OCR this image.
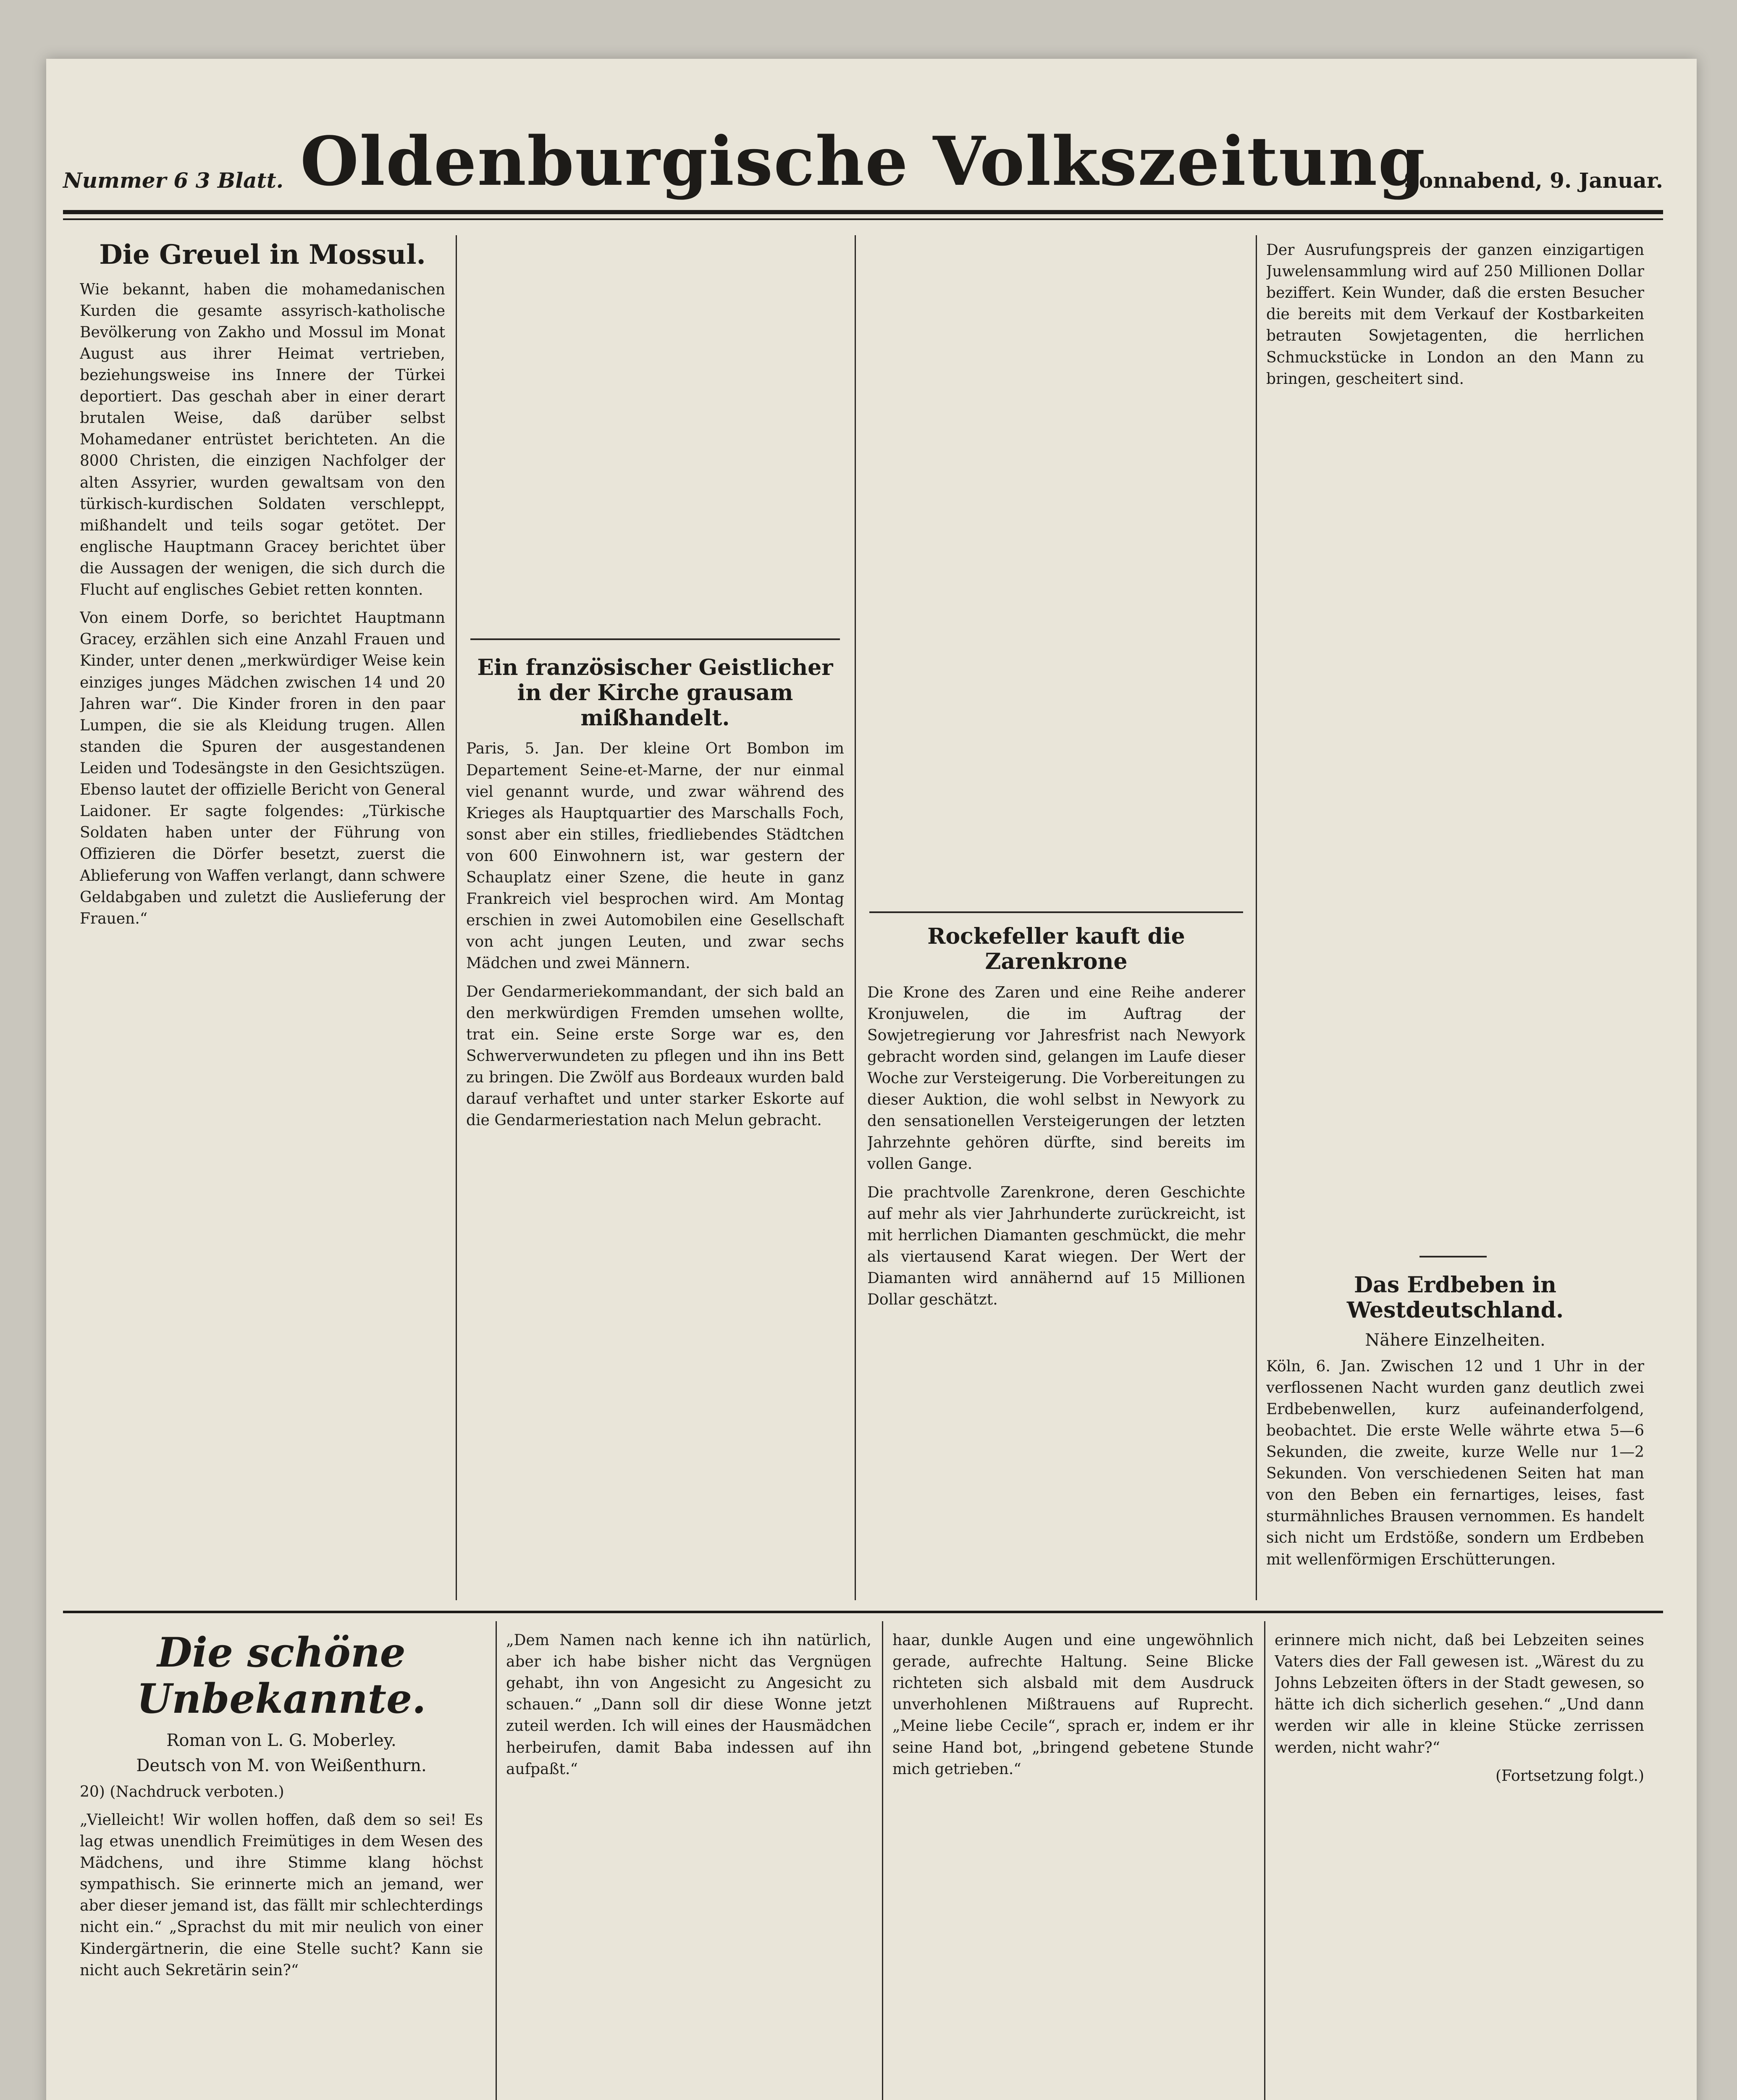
Nummer 6 3 Blatt. Oldenburgische Volkszeitung
Sonnabend, 9. Januar.
Die Greuel in Mossul.

Wie bekannt, haben die mohamedanischen Kurden die gesamte assyrisch-katholische Bevölkerung von Zakho und Mossul im Monat August aus ihrer Heimat vertrieben, beziehungsweise ins Innere der Türkei deportiert. Das geschah aber in einer derart brutalen Weise, daß darüber selbst Mohamedaner entrüstet berichteten. An die 8000 Christen, die einzigen Nachfolger der alten Assyrier, wurden gewaltsam von den türkisch-kurdischen Soldaten verschleppt, mißhandelt und teils sogar getötet. Der englische Hauptmann Gracey berichtet über die Aussagen der wenigen, die sich durch die Flucht auf englisches Gebiet retten konnten.

Von einem Dorfe, so berichtet Hauptmann Gracey, erzählen sich eine Anzahl Frauen und Kinder, unter denen „merkwürdiger Weise kein einziges junges Mädchen zwischen 14 und 20 Jahren war“. Die Kinder froren in den paar Lumpen, die sie als Kleidung trugen. Allen standen die Spuren der ausgestandenen Leiden und Todesängste in den Gesichtszügen. Ebenso lautet der offizielle Bericht von General Laidoner. Er sagte folgendes: „Türkische Soldaten haben unter der Führung von Offizieren die Dörfer besetzt, zuerst die Ablieferung von Waffen verlangt, dann schwere Geldabgaben und zuletzt die Auslieferung der Frauen.“

Ein französischer Geistlicher in der Kirche grausam mißhandelt.

Paris, 5. Jan. Der kleine Ort Bombon im Departement Seine-et-Marne, der nur einmal viel genannt wurde, und zwar während des Krieges als Hauptquartier des Marschalls Foch, sonst aber ein stilles, friedliebendes Städtchen von 600 Einwohnern ist, war gestern der Schauplatz einer Szene, die heute in ganz Frankreich viel besprochen wird. Am Montag erschien in zwei Automobilen eine Gesellschaft von acht jungen Leuten, und zwar sechs Mädchen und zwei Männern.

Der Gendarmeriekommandant, der sich bald an den merkwürdigen Fremden umsehen wollte, trat ein. Seine erste Sorge war es, den Schwerverwundeten zu pflegen und ihn ins Bett zu bringen. Die Zwölf aus Bordeaux wurden bald darauf verhaftet und unter starker Eskorte auf die Gendarmeriestation nach Melun gebracht.

Rockefeller kauft die Zarenkrone

Die Krone des Zaren und eine Reihe anderer Kronjuwelen, die im Auftrag der Sowjetregierung vor Jahresfrist nach Newyork gebracht worden sind, gelangen im Laufe dieser Woche zur Versteigerung. Die Vorbereitungen zu dieser Auktion, die wohl selbst in Newyork zu den sensationellen Versteigerungen der letzten Jahrzehnte gehören dürfte, sind bereits im vollen Gange.

Die prachtvolle Zarenkrone, deren Geschichte auf mehr als vier Jahrhunderte zurückreicht, ist mit herrlichen Diamanten geschmückt, die mehr als viertausend Karat wiegen. Der Wert der Diamanten wird annähernd auf 15 Millionen Dollar geschätzt.

Der Ausrufungspreis der ganzen einzigartigen Juwelensammlung wird auf 250 Millionen Dollar beziffert. Kein Wunder, daß die ersten Besucher die bereits mit dem Verkauf der Kostbarkeiten betrauten Sowjetagenten, die herrlichen Schmuckstücke in London an den Mann zu bringen, gescheitert sind.

Das Erdbeben in Westdeutschland.
Nähere Einzelheiten.

Köln, 6. Jan. Zwischen 12 und 1 Uhr in der verflossenen Nacht wurden ganz deutlich zwei Erdbebenwellen, kurz aufeinanderfolgend, beobachtet. Die erste Welle währte etwa 5—6 Sekunden, die zweite, kurze Welle nur 1—2 Sekunden. Von verschiedenen Seiten hat man von den Beben ein fernartiges, leises, fast sturmähnliches Brausen vernommen. Es handelt sich nicht um Erdstöße, sondern um Erdbeben mit wellenförmigen Erschütterungen.

Die schöne Unbekannte.
Roman von L. G. Moberley.
Deutsch von M. von Weißenthurn.

20) (Nachdruck verboten.)

„Vielleicht! Wir wollen hoffen, daß dem so sei! Es lag etwas unendlich Freimütiges in dem Wesen des Mädchens, und ihre Stimme klang höchst sympathisch. Sie erinnerte mich an jemand, wer aber dieser jemand ist, das fällt mir schlechterdings nicht ein.“ „Sprachst du mit mir neulich von einer Kindergärtnerin, die eine Stelle sucht? Kann sie nicht auch Sekretärin sein?“

„Dem Namen nach kenne ich ihn natürlich, aber ich habe bisher nicht das Vergnügen gehabt, ihn von Angesicht zu Angesicht zu schauen.“ „Dann soll dir diese Wonne jetzt zuteil werden. Ich will eines der Hausmädchen herbeirufen, damit Baba indessen auf ihn aufpaßt.“

haar, dunkle Augen und eine ungewöhnlich gerade, aufrechte Haltung. Seine Blicke richteten sich alsbald mit dem Ausdruck unverhohlenen Mißtrauens auf Ruprecht. „Meine liebe Cecile“, sprach er, indem er ihr seine Hand bot, „bringend gebetene Stunde mich getrieben.“

erinnere mich nicht, daß bei Lebzeiten seines Vaters dies der Fall gewesen ist. „Wärest du zu Johns Lebzeiten öfters in der Stadt gewesen, so hätte ich dich sicherlich gesehen.“ „Und dann werden wir alle in kleine Stücke zerrissen werden, nicht wahr?“

(Fortsetzung folgt.)
